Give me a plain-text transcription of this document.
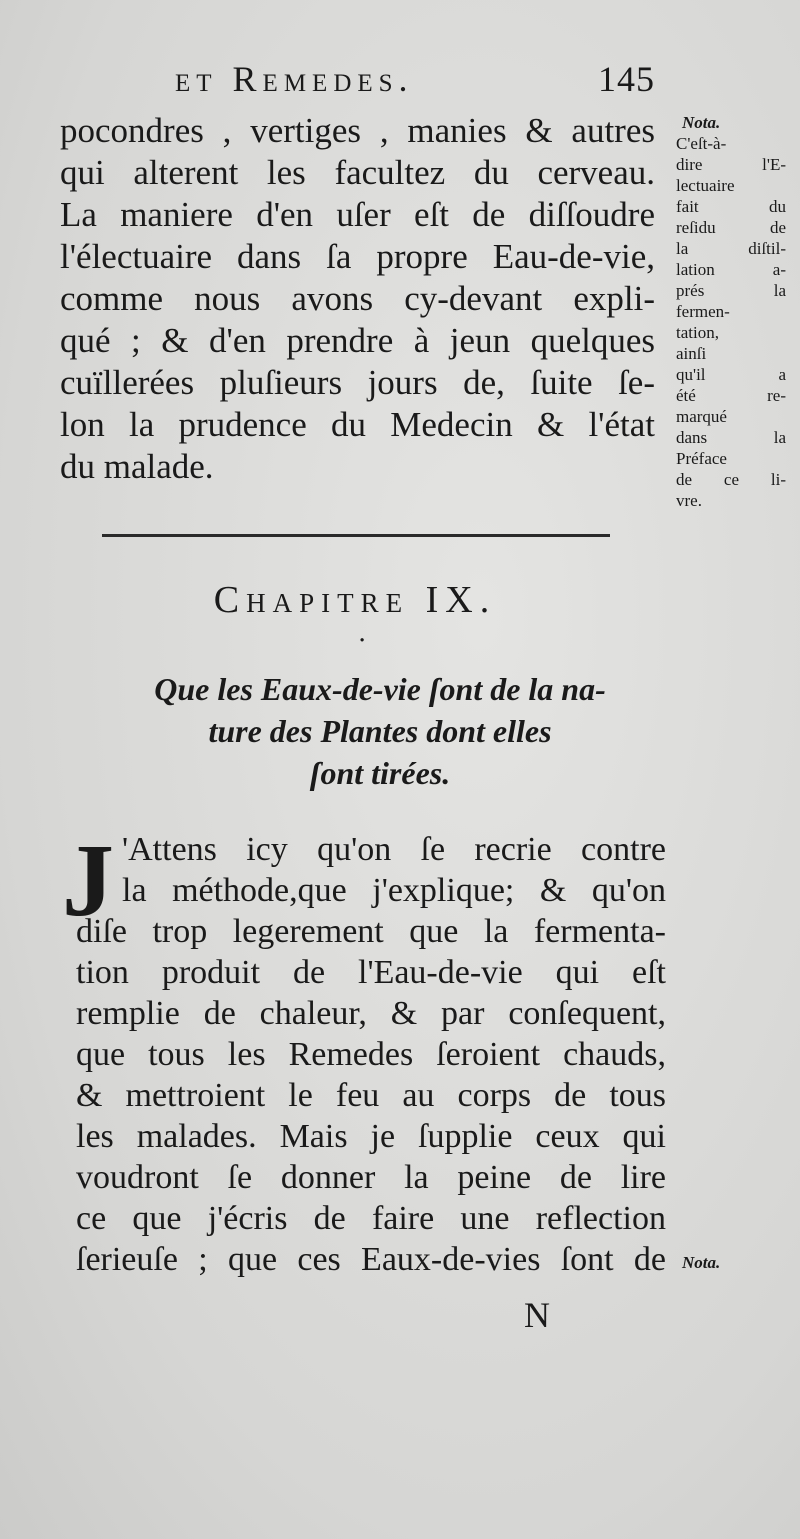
et Remedes.	145
pocondres , vertiges , manies & autres
qui alterent les facultez du cerveau.
La maniere d'en uſer eſt de diſſoudre
l'électuaire dans ſa propre Eau-de-vie,
comme nous avons cy-devant expli-
qué ; & d'en prendre à jeun quelques
cuïllerées pluſieurs jours de, ſuite ſe-
lon la prudence du Medecin & l'état
du malade.
Nota.
C'eſt-à-
dire l'E-
lectuaire
fait du
reſidu de
la diſtil-
lation a-
prés la
fermen-
tation,
ainſi
qu'il a
été re-
marqué
dans la
Préface
de ce li-
vre.
Chapitre IX.
·
Que les Eaux-de-vie ſont de la na-
ture des Plantes dont elles
ſont tirées.
J 'Attens icy qu'on ſe recrie contre
la méthode,que j'explique; & qu'on
diſe trop legerement que la fermenta-
tion produit de l'Eau-de-vie qui eſt
remplie de chaleur, & par conſequent,
que tous les Remedes ſeroient chauds,
& mettroient le feu au corps de tous
les malades. Mais je ſupplie ceux qui
voudront ſe donner la peine de lire
ce que j'écris de faire une reflection
ſerieuſe ; que ces Eaux-de-vies ſont de Nota.
N
